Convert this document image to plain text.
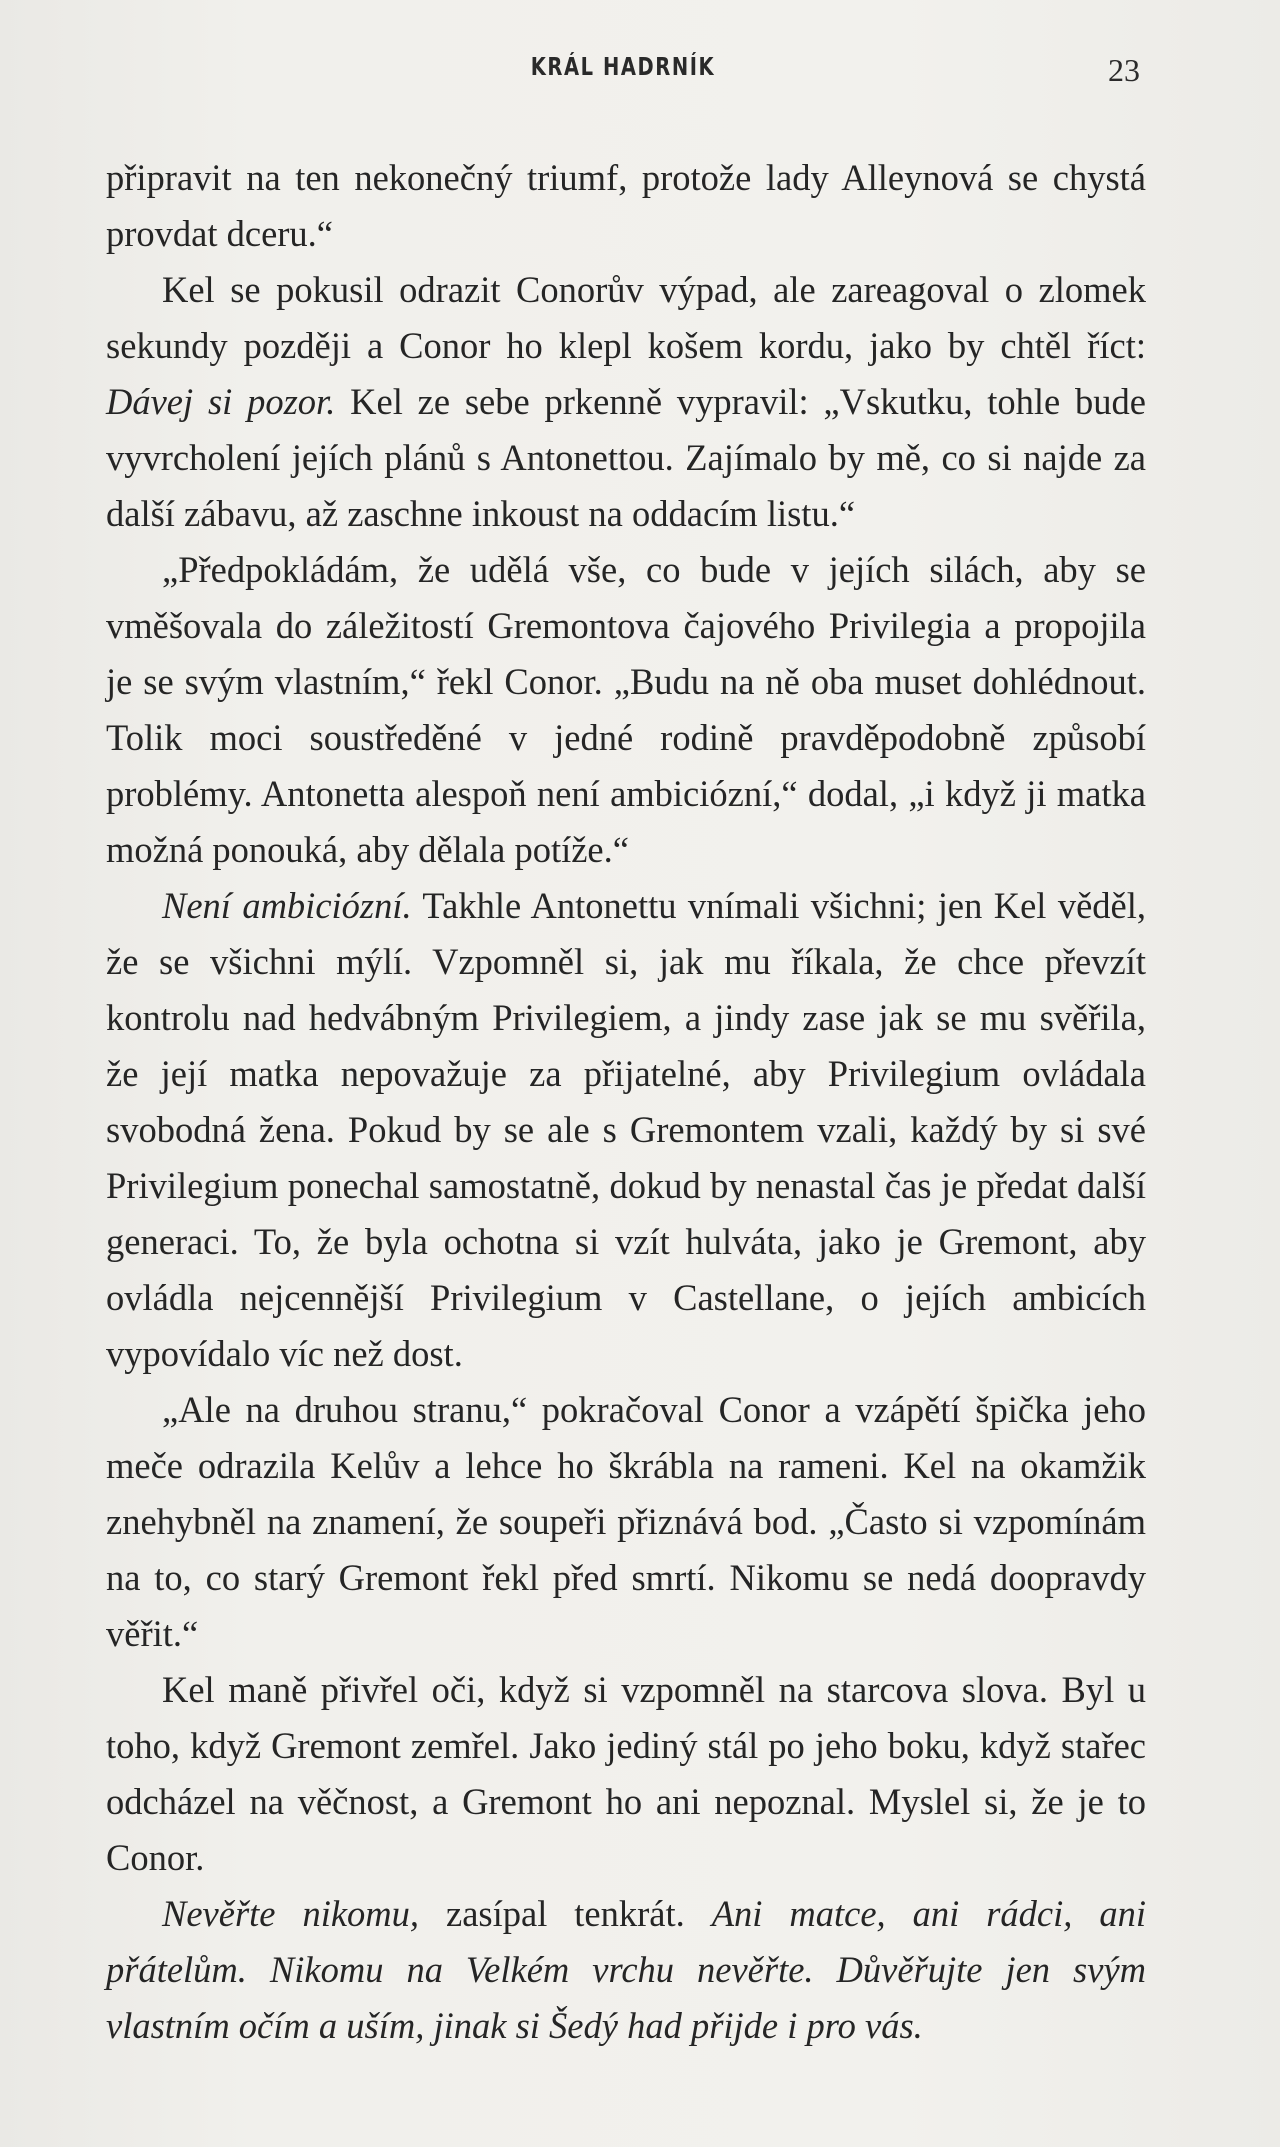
KRÁL HADRNÍK	23

připravit na ten nekonečný triumf, protože lady Alleynová se chystá provdat dceru.“

Kel se pokusil odrazit Conorův výpad, ale zareagoval o zlomek sekundy později a Conor ho klepl košem kordu, jako by chtěl říct: Dávej si pozor. Kel ze sebe prkenně vypravil: „Vskutku, tohle bude vyvrcholení jejích plánů s Antonettou. Zajímalo by mě, co si najde za další zábavu, až zaschne inkoust na oddacím listu.“

„Předpokládám, že udělá vše, co bude v jejích silách, aby se vměšovala do záležitostí Gremontova čajového Privilegia a propojila je se svým vlastním,“ řekl Conor. „Budu na ně oba muset dohlédnout. Tolik moci soustředěné v jedné rodině pravděpodobně způsobí problémy. Antonetta alespoň není ambiciózní,“ dodal, „i když ji matka možná ponouká, aby dělala potíže.“

Není ambiciózní. Takhle Antonettu vnímali všichni; jen Kel věděl, že se všichni mýlí. Vzpomněl si, jak mu říkala, že chce převzít kontrolu nad hedvábným Privilegiem, a jindy zase jak se mu svěřila, že její matka nepovažuje za přijatelné, aby Privilegium ovládala svobodná žena. Pokud by se ale s Gremontem vzali, každý by si své Privilegium ponechal samostatně, dokud by nenastal čas je předat další generaci. To, že byla ochotna si vzít hulváta, jako je Gremont, aby ovládla nejcennější Privilegium v Castellane, o jejích ambicích vypovídalo víc než dost.

„Ale na druhou stranu,“ pokračoval Conor a vzápětí špička jeho meče odrazila Kelův a lehce ho škrábla na rameni. Kel na okamžik znehybněl na znamení, že soupeři přiznává bod. „Často si vzpomínám na to, co starý Gremont řekl před smrtí. Nikomu se nedá doopravdy věřit.“

Kel maně přivřel oči, když si vzpomněl na starcova slova. Byl u toho, když Gremont zemřel. Jako jediný stál po jeho boku, když stařec odcházel na věčnost, a Gremont ho ani nepoznal. Myslel si, že je to Conor.

Nevěřte nikomu, zasípal tenkrát. Ani matce, ani rádci, ani přátelům. Nikomu na Velkém vrchu nevěřte. Důvěřujte jen svým vlastním očím a uším, jinak si Šedý had přijde i pro vás.
